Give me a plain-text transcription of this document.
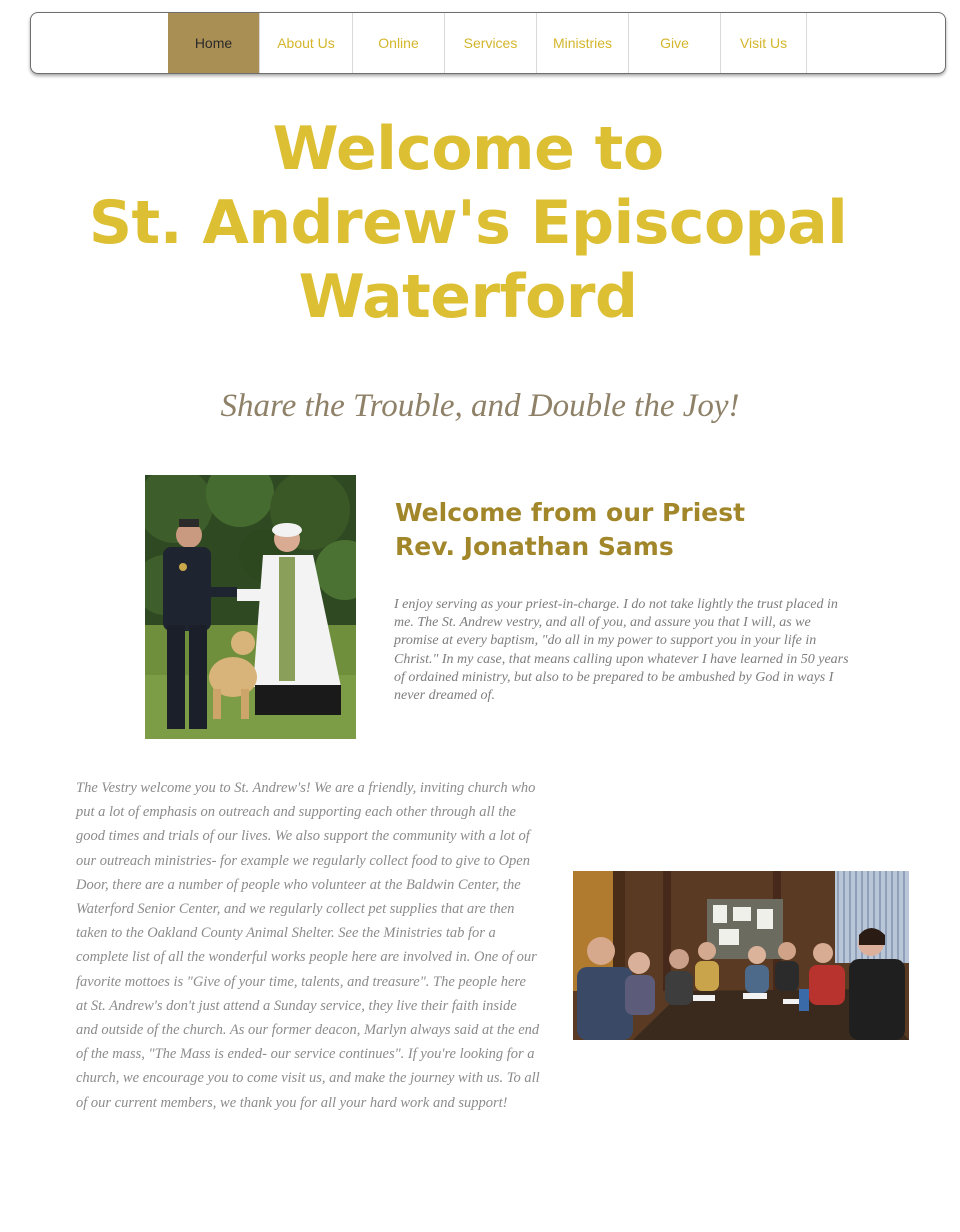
Home	About Us	Online	Services	Ministries	Give	Visit Us
Welcome to
St. Andrew's Episcopal
Waterford
Share the Trouble, and Double the Joy!
Welcome from our Priest
Rev. Jonathan Sams

I enjoy serving as your priest-in-charge. I do not take lightly the trust placed in me. The St. Andrew vestry, and all of you, and assure you that I will, as we promise at every baptism, "do all in my power to support you in your life in Christ." In my case, that means calling upon whatever I have learned in 50 years of ordained ministry, but also to be prepared to be ambushed by God in ways I never dreamed of.

The Vestry welcome you to St. Andrew's! We are a friendly, inviting church who put a lot of emphasis on outreach and supporting each other through all the good times and trials of our lives. We also support the community with a lot of our outreach ministries- for example we regularly collect food to give to Open Door, there are a number of people who volunteer at the Baldwin Center, the Waterford Senior Center, and we regularly collect pet supplies that are then taken to the Oakland County Animal Shelter. See the Ministries tab for a complete list of all the wonderful works people here are involved in. One of our favorite mottoes is "Give of your time, talents, and treasure". The people here at St. Andrew's don't just attend a Sunday service, they live their faith inside and outside of the church. As our former deacon, Marlyn always said at the end of the mass, "The Mass is ended- our service continues". If you're looking for a church, we encourage you to come visit us, and make the journey with us. To all of our current members, we thank you for all your hard work and support!
